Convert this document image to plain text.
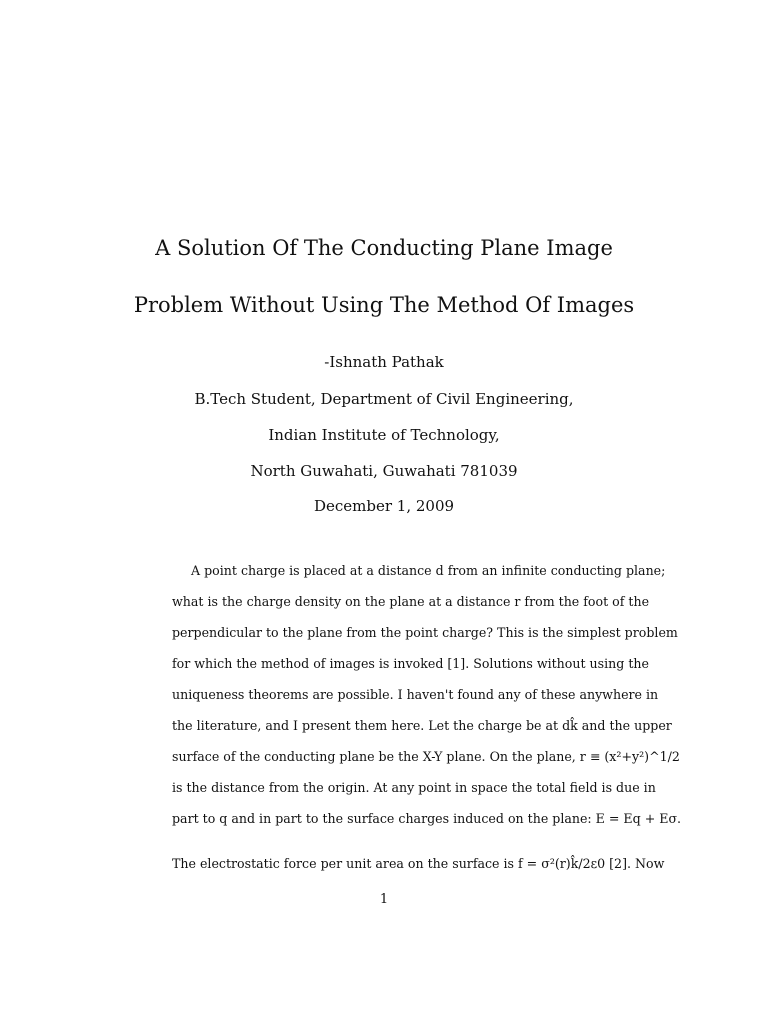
A Solution Of The Conducting Plane Image
Problem Without Using The Method Of Images
-Ishnath Pathak
B.Tech Student, Department of Civil Engineering,
Indian Institute of Technology,
North Guwahati, Guwahati 781039
December 1, 2009
A point charge is placed at a distance d from an infinite conducting plane;
what is the charge density on the plane at a distance r from the foot of the
perpendicular to the plane from the point charge? This is the simplest problem
for which the method of images is invoked [1]. Solutions without using the
uniqueness theorems are possible. I haven't found any of these anywhere in
the literature, and I present them here. Let the charge be at dk̂ and the upper
surface of the conducting plane be the X-Y plane. On the plane, r ≡ (x²+y²)^1/2
is the distance from the origin. At any point in space the total field is due in
part to q and in part to the surface charges induced on the plane: E = Eq + Eσ.
The electrostatic force per unit area on the surface is f = σ²(r)k̂/2ε0 [2]. Now
1
